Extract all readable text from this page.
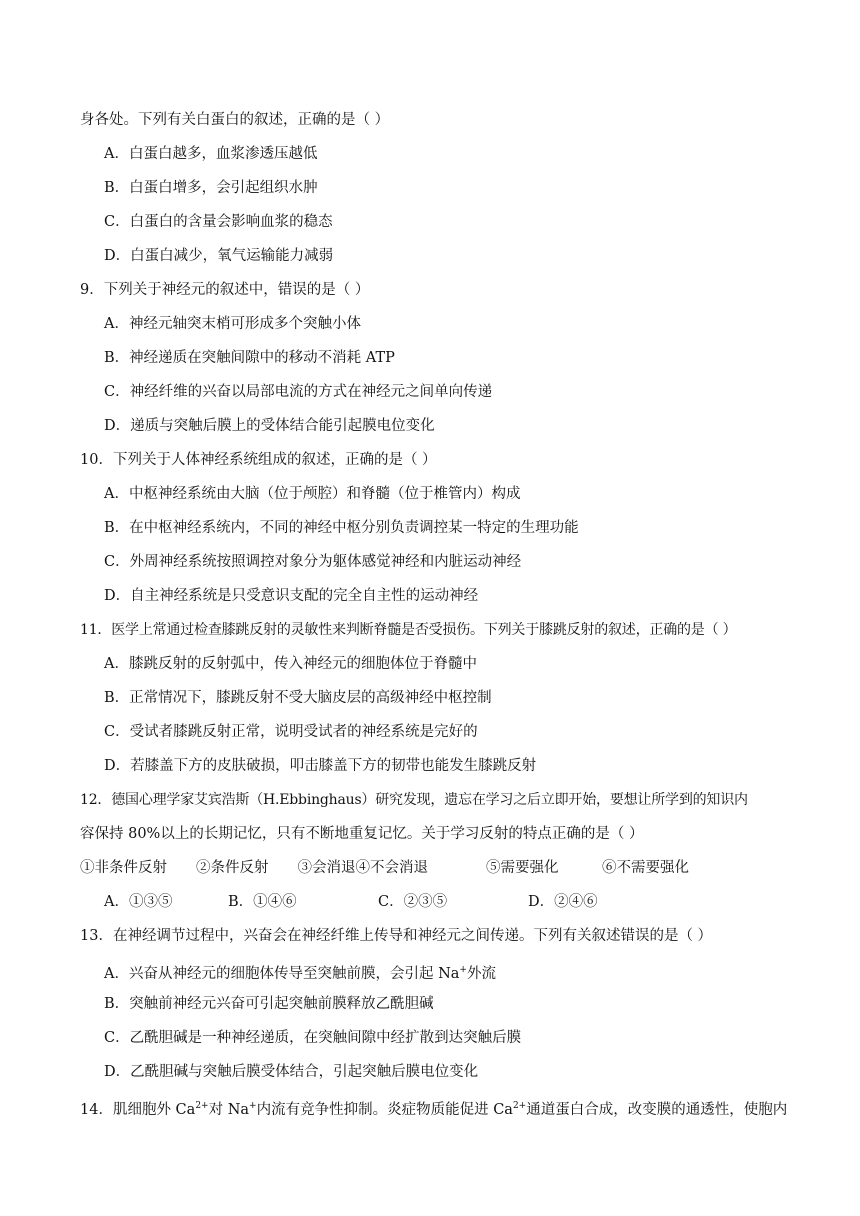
身各处。下列有关白蛋白的叙述，正确的是（ ）
A．白蛋白越多，血浆渗透压越低
B．白蛋白增多，会引起组织水肿
C．白蛋白的含量会影响血浆的稳态
D．白蛋白减少，氧气运输能力减弱
9．下列关于神经元的叙述中，错误的是（ ）
A．神经元轴突末梢可形成多个突触小体
B．神经递质在突触间隙中的移动不消耗 ATP
C．神经纤维的兴奋以局部电流的方式在神经元之间单向传递
D．递质与突触后膜上的受体结合能引起膜电位变化
10．下列关于人体神经系统组成的叙述，正确的是（ ）
A．中枢神经系统由大脑（位于颅腔）和脊髓（位于椎管内）构成
B．在中枢神经系统内，不同的神经中枢分别负责调控某一特定的生理功能
C．外周神经系统按照调控对象分为躯体感觉神经和内脏运动神经
D．自主神经系统是只受意识支配的完全自主性的运动神经
11．医学上常通过检查膝跳反射的灵敏性来判断脊髓是否受损伤。下列关于膝跳反射的叙述，正确的是（ ）
A．膝跳反射的反射弧中，传入神经元的细胞体位于脊髓中
B．正常情况下，膝跳反射不受大脑皮层的高级神经中枢控制
C．受试者膝跳反射正常，说明受试者的神经系统是完好的
D．若膝盖下方的皮肤破损，叩击膝盖下方的韧带也能发生膝跳反射
12．德国心理学家艾宾浩斯（H.Ebbinghaus）研究发现，遗忘在学习之后立即开始，要想让所学到的知识内
容保持 80%以上的长期记忆，只有不断地重复记忆。关于学习反射的特点正确的是（ ）
①非条件反射　　②条件反射　　③会消退④不会消退　　　　⑤需要强化　　　⑥不需要强化
A．①③⑤	B．①④⑥	C．②③⑤	D．②④⑥
13．在神经调节过程中，兴奋会在神经纤维上传导和神经元之间传递。下列有关叙述错误的是（ ）
A．兴奋从神经元的细胞体传导至突触前膜，会引起 Na+外流
B．突触前神经元兴奋可引起突触前膜释放乙酰胆碱
C．乙酰胆碱是一种神经递质，在突触间隙中经扩散到达突触后膜
D．乙酰胆碱与突触后膜受体结合，引起突触后膜电位变化
14．肌细胞外 $Ca^{2+}$对 Na+内流有竞争性抑制。炎症物质能促进 $Ca^{2+}$通道蛋白合成，改变膜的通透性，使胞内
